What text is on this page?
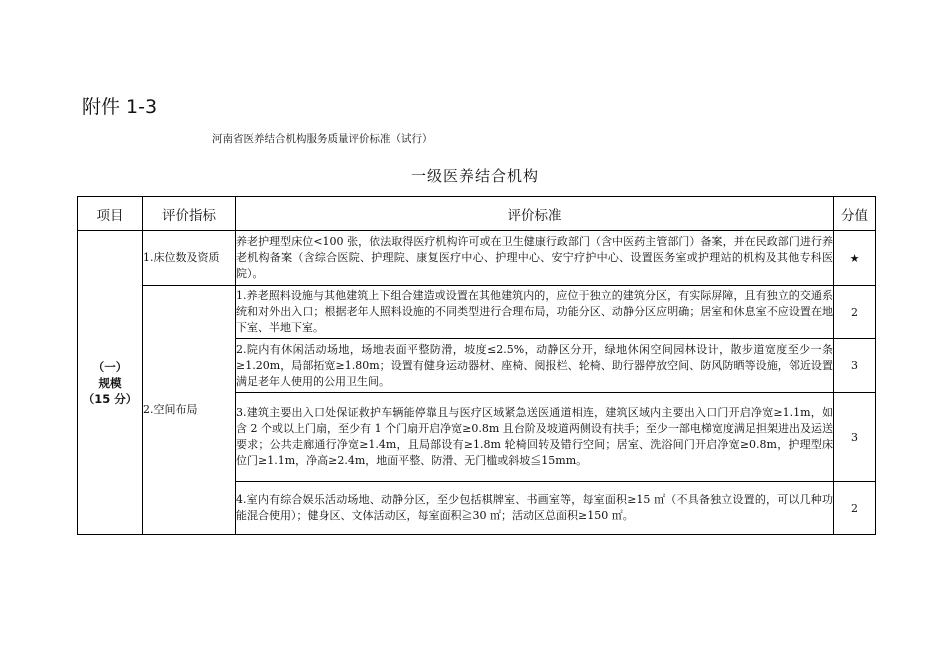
附件 1-3
河南省医养结合机构服务质量评价标准（试行）
一级医养结合机构
项目	评价指标	评价标准	分值

（一）
规模
（15 分）	1.床位数及资质	养老护理型床位<100 张，依法取得医疗机构许可或在卫生健康行政部门（含中医药主管部门）备案，并在民政部门进行养老机构备案（含综合医院、护理院、康复医疗中心、护理中心、安宁疗护中心、设置医务室或护理站的机构及其他专科医院）。	★
	2.空间布局	1.养老照料设施与其他建筑上下组合建造或设置在其他建筑内的，应位于独立的建筑分区，有实际屏障，且有独立的交通系统和对外出入口；根据老年人照料设施的不同类型进行合理布局，功能分区、动静分区应明确；居室和休息室不应设置在地下室、半地下室。	2
		2.院内有休闲活动场地，场地表面平整防滑，坡度≤2.5%，动静区分开，绿地休闲空间园林设计，散步道宽度至少一条≥1.20m，局部拓宽≥1.80m；设置有健身运动器材、座椅、阅报栏、轮椅、助行器停放空间、防风防晒等设施，邻近设置满足老年人使用的公用卫生间。	3
		3.建筑主要出入口处保证救护车辆能停靠且与医疗区域紧急送医通道相连，建筑区域内主要出入口门开启净宽≥1.1m，如含 2 个或以上门扇，至少有 1 个门扇开启净宽≥0.8m 且台阶及坡道两侧设有扶手；至少一部电梯宽度满足担架进出及运送要求；公共走廊通行净宽≥1.4m，且局部设有≥1.8m 轮椅回转及错行空间；居室、洗浴间门开启净宽≥0.8m，护理型床位门≥1.1m，净高≥2.4m，地面平整、防滑、无门槛或斜坡≦15mm。	3
		4.室内有综合娱乐活动场地、动静分区，至少包括棋牌室、书画室等，每室面积≥15 ㎡（不具备独立设置的，可以几种功能混合使用）；健身区、文体活动区，每室面积≧30 ㎡；活动区总面积≥150 ㎡。	2
